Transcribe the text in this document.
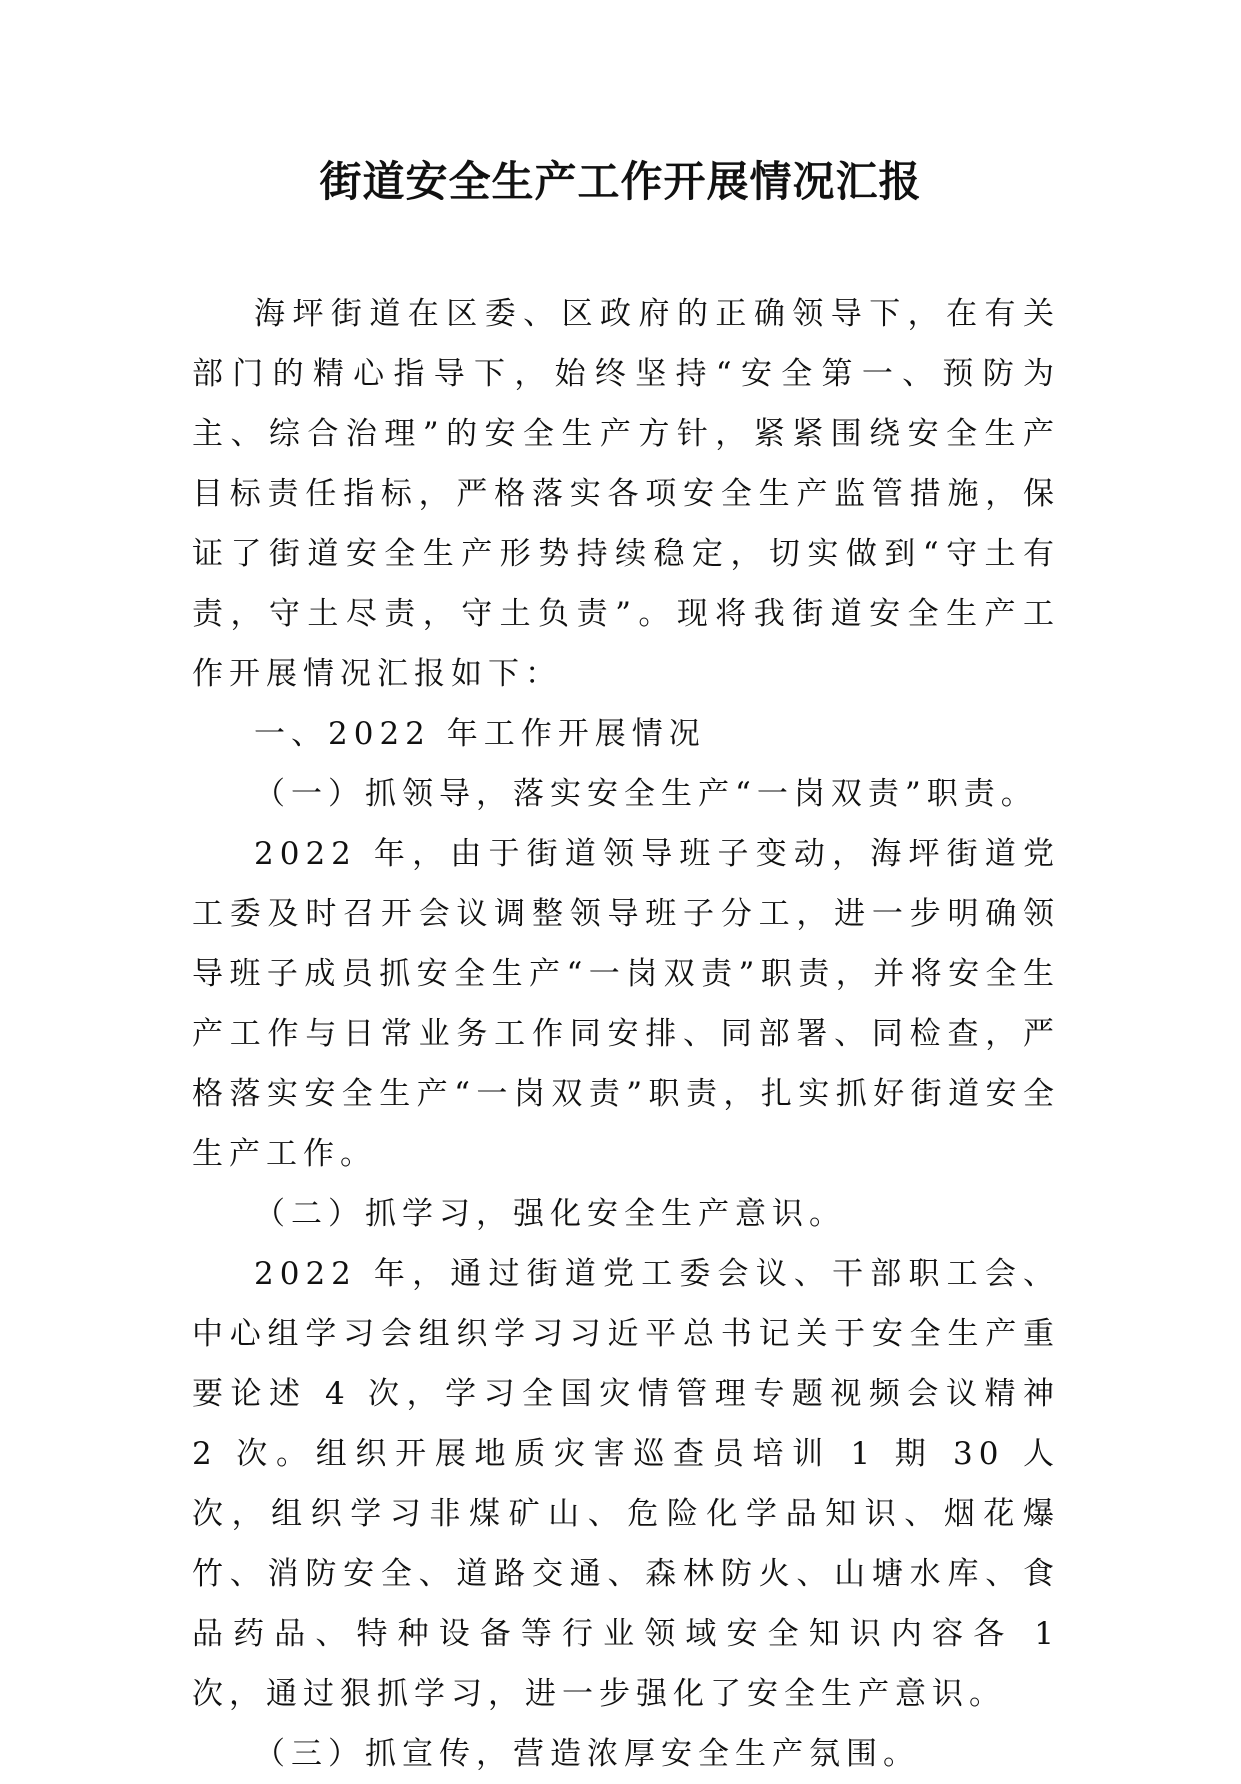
街道安全生产工作开展情况汇报

海坪街道在区委、区政府的正确领导下，在有关部门的精心指导下，始终坚持“安全第一、预防为主、综合治理”的安全生产方针，紧紧围绕安全生产目标责任指标，严格落实各项安全生产监管措施，保证了街道安全生产形势持续稳定，切实做到“守土有责，守土尽责，守土负责”。现将我街道安全生产工作开展情况汇报如下：

一、2022 年工作开展情况

（一）抓领导，落实安全生产“一岗双责”职责。

2022 年，由于街道领导班子变动，海坪街道党工委及时召开会议调整领导班子分工，进一步明确领导班子成员抓安全生产“一岗双责”职责，并将安全生产工作与日常业务工作同安排、同部署、同检查，严格落实安全生产“一岗双责”职责，扎实抓好街道安全生产工作。

（二）抓学习，强化安全生产意识。

2022 年，通过街道党工委会议、干部职工会、中心组学习会组织学习习近平总书记关于安全生产重要论述 4 次，学习全国灾情管理专题视频会议精神 2 次。组织开展地质灾害巡查员培训 1 期 30 人次，组织学习非煤矿山、危险化学品知识、烟花爆竹、消防安全、道路交通、森林防火、山塘水库、食品药品、特种设备等行业领域安全知识内容各 1 次，通过狠抓学习，进一步强化了安全生产意识。

（三）抓宣传，营造浓厚安全生产氛围。
